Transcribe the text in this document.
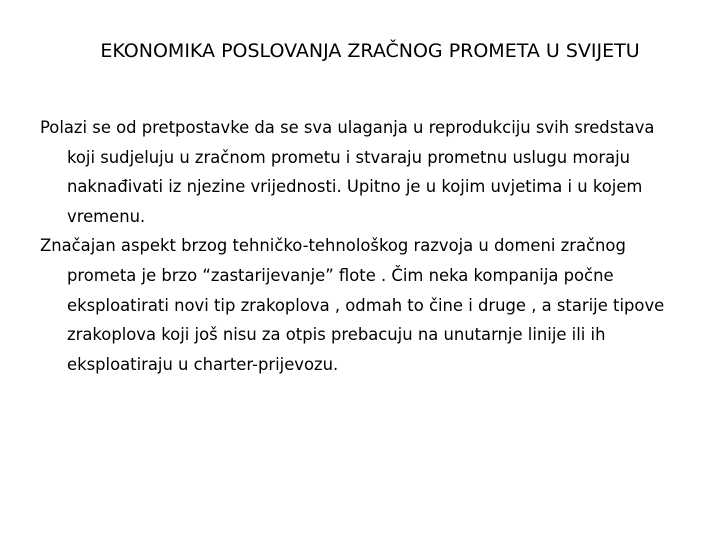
EKONOMIKA POSLOVANJA ZRAČNOG PROMETA U SVIJETU

Polazi se od pretpostavke da se sva ulaganja u reprodukciju svih sredstava koji sudjeluju u zračnom prometu i stvaraju prometnu uslugu moraju naknađivati iz njezine vrijednosti. Upitno je u kojim uvjetima i u kojem vremenu.

Značajan aspekt brzog tehničko-tehnološkog razvoja u domeni zračnog prometa je brzo “zastarijevanje” flote . Čim neka kompanija počne eksploatirati novi tip zrakoplova , odmah to čine i druge , a starije tipove zrakoplova koji još nisu za otpis prebacuju na unutarnje linije ili ih eksploatiraju u charter-prijevozu.
